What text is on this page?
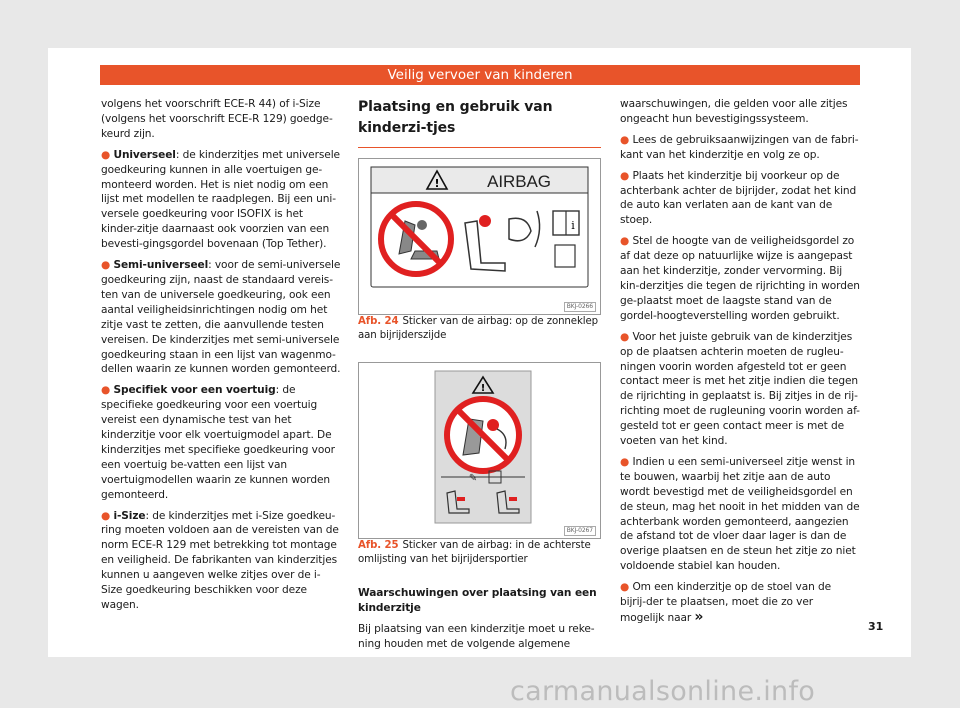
Veilig vervoer van kinderen

volgens het voorschrift ECE-R 44) of i-Size (volgens het voorschrift ECE-R 129) goedge-keurd zijn.

● Universeel: de kinderzitjes met universele goedkeuring kunnen in alle voertuigen ge-monteerd worden. Het is niet nodig om een lijst met modellen te raadplegen. Bij een uni-versele goedkeuring voor ISOFIX is het kinder-zitje daarnaast ook voorzien van een bevesti-gingsgordel bovenaan (Top Tether).

● Semi-universeel: voor de semi-universele goedkeuring zijn, naast de standaard vereis-ten van de universele goedkeuring, ook een aantal veiligheidsinrichtingen nodig om het zitje vast te zetten, die aanvullende testen vereisen. De kinderzitjes met semi-universele goedkeuring staan in een lijst van wagenmo-dellen waarin ze kunnen worden gemonteerd.

● Specifiek voor een voertuig: de specifieke goedkeuring voor een voertuig vereist een dynamische test van het kinderzitje voor elk voertuigmodel apart. De kinderzitjes met specifieke goedkeuring voor een voertuig be-vatten een lijst van voertuigmodellen waarin ze kunnen worden gemonteerd.

● i-Size: de kinderzitjes met i-Size goedkeu-ring moeten voldoen aan de vereisten van de norm ECE-R 129 met betrekking tot montage en veiligheid. De fabrikanten van kinderzitjes kunnen u aangeven welke zitjes over de i-Size goedkeuring beschikken voor deze wagen.

Plaatsing en gebruik van kinderzi-tjes

!	AIRBAG
i
BKJ-0266

Afb. 24 Sticker van de airbag: op de zonneklep aan bijrijderszijde

!
✎
BKJ-0267

Afb. 25 Sticker van de airbag: in de achterste omlijsting van het bijrijdersportier

Waarschuwingen over plaatsing van een kinderzitje

Bij plaatsing van een kinderzitje moet u reke-ning houden met de volgende algemene

waarschuwingen, die gelden voor alle zitjes ongeacht hun bevestigingssysteem.

● Lees de gebruiksaanwijzingen van de fabri-kant van het kinderzitje en volg ze op.

● Plaats het kinderzitje bij voorkeur op de achterbank achter de bijrijder, zodat het kind de auto kan verlaten aan de kant van de stoep.

● Stel de hoogte van de veiligheidsgordel zo af dat deze op natuurlijke wijze is aangepast aan het kinderzitje, zonder vervorming. Bij kin-derzitjes die tegen de rijrichting in worden ge-plaatst moet de laagste stand van de gordel-hoogteverstelling worden gebruikt.

● Voor het juiste gebruik van de kinderzitjes op de plaatsen achterin moeten de rugleu-ningen voorin worden afgesteld tot er geen contact meer is met het zitje indien die tegen de rijrichting in geplaatst is. Bij zitjes in de rij-richting moet de rugleuning voorin worden af-gesteld tot er geen contact meer is met de voeten van het kind.

● Indien u een semi-universeel zitje wenst in te bouwen, waarbij het zitje aan de auto wordt bevestigd met de veiligheidsgordel en de steun, mag het nooit in het midden van de achterbank worden gemonteerd, aangezien de afstand tot de vloer daar lager is dan de overige plaatsen en de steun het zitje zo niet voldoende stabiel kan houden.

● Om een kinderzitje op de stoel van de bijrij-der te plaatsen, moet die zo ver mogelijk naar »

31
carmanualsonline.info
